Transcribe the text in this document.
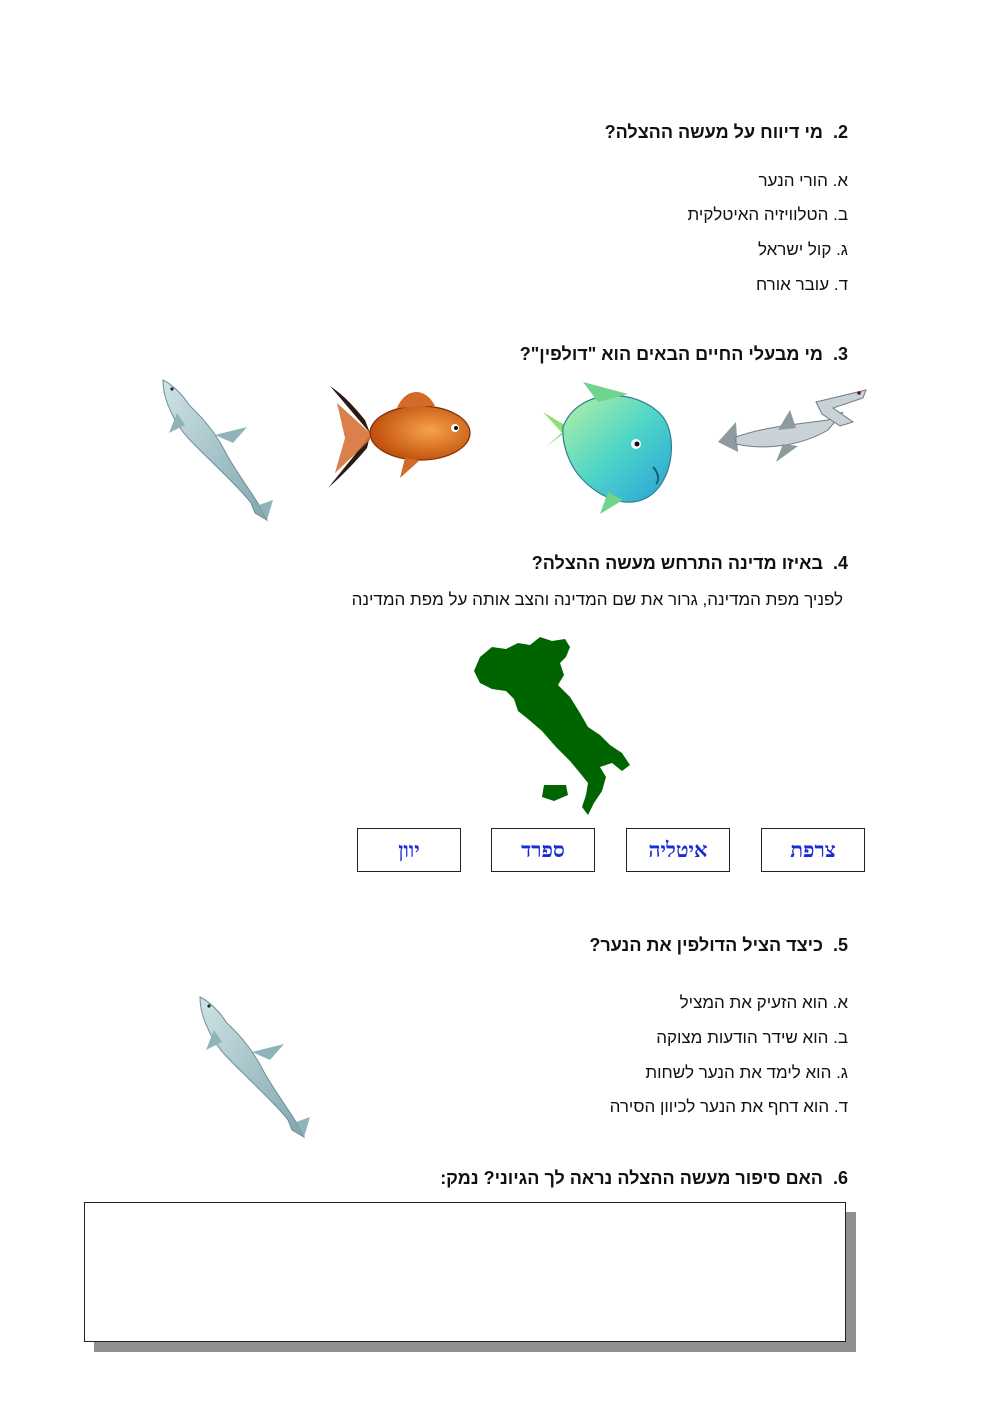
2.מי דיווח על מעשה ההצלה?
א. הורי הנער
ב. הטלוויזיה האיטלקית
ג. קול ישראל
ד. עובר אורח
3.מי מבעלי החיים הבאים הוא "דולפין"?
4.באיזו מדינה התרחש מעשה ההצלה?
לפניך מפת המדינה, גרור את שם המדינה והצב אותה על מפת המדינה
יוון	ספרד	איטליה	צרפת
5.כיצד הציל הדולפין את הנער?
א. הוא הזעיק את המציל
ב. הוא שידר הודעות מצוקה
ג. הוא לימד את הנער לשחות
ד. הוא דחף את הנער לכיוון הסירה
6.האם סיפור מעשה ההצלה נראה לך הגיוני? נמק:
